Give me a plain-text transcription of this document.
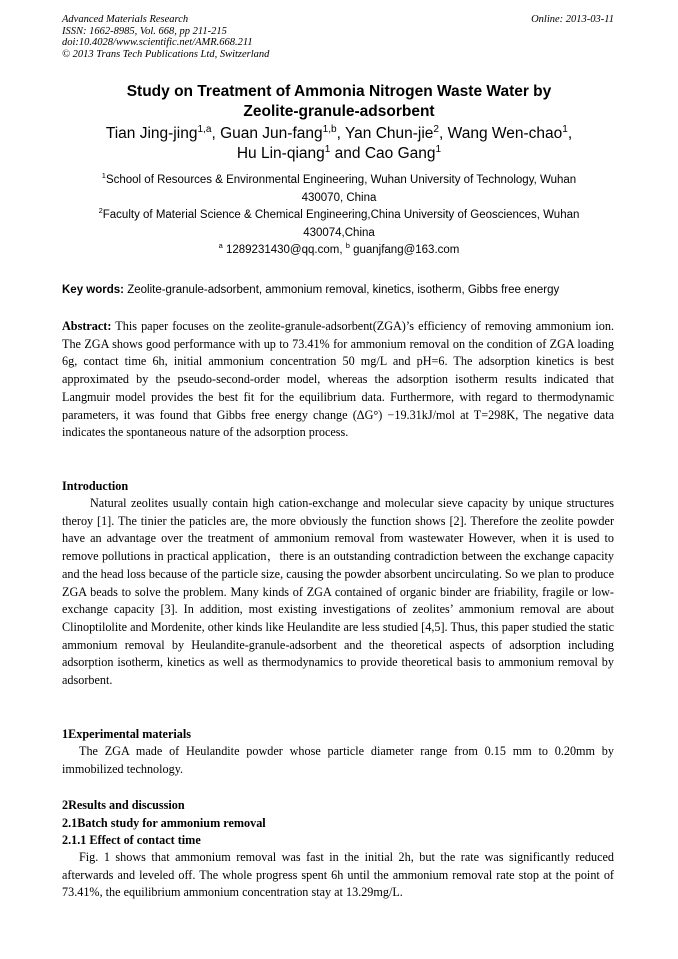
Advanced Materials Research
ISSN: 1662-8985, Vol. 668, pp 211-215
doi:10.4028/www.scientific.net/AMR.668.211
© 2013 Trans Tech Publications Ltd, Switzerland
Online: 2013-03-11
Study on Treatment of Ammonia Nitrogen Waste Water by
Zeolite-granule-adsorbent
Tian Jing-jing$^{1,a}$, Guan Jun-fang$^{1,b}$, Yan Chun-jie$^2$, Wang Wen-chao$^1$,
Hu Lin-qiang$^1$ and Cao Gang$^1$
$^1$School of Resources & Environmental Engineering, Wuhan University of Technology, Wuhan
430070, China
$^2$Faculty of Material Science & Chemical Engineering,China University of Geosciences, Wuhan
430074,China
$^a$ 1289231430@qq.com, $^b$ guanjfang@163.com
Key words: Zeolite-granule-adsorbent, ammonium removal, kinetics, isotherm, Gibbs free energy
Abstract: This paper focuses on the zeolite-granule-adsorbent(ZGA)’s efficiency of removing ammonium ion. The ZGA shows good performance with up to 73.41% for ammonium removal on the condition of ZGA loading 6g, contact time 6h, initial ammonium concentration 50 mg/L and pH=6. The adsorption kinetics is best approximated by the pseudo-second-order model, whereas the adsorption isotherm results indicated that Langmuir model provides the best fit for the equilibrium data. Furthermore, with regard to thermodynamic parameters, it was found that Gibbs free energy change (ΔG°) −19.31kJ/mol at T=298K, The negative data indicates the spontaneous nature of the adsorption process.
Introduction
Natural zeolites usually contain high cation-exchange and molecular sieve capacity by unique structures theroy [1]. The tinier the paticles are, the more obviously the function shows [2]. Therefore the zeolite powder have an advantage over the treatment of ammonium removal from wastewater However, when it is used to remove pollutions in practical application，there is an outstanding contradiction between the exchange capacity and the head loss because of the particle size, causing the powder absorbent uncirculating. So we plan to produce ZGA beads to solve the problem. Many kinds of ZGA contained of organic binder are friability, fragile or low-exchange capacity [3]. In addition, most existing investigations of zeolites’ ammonium removal are about Clinoptilolite and Mordenite, other kinds like Heulandite are less studied [4,5]. Thus, this paper studied the static ammonium removal by Heulandite-granule-adsorbent and the theoretical aspects of adsorption including adsorption isotherm, kinetics as well as thermodynamics to provide theoretical basis to ammonium removal by adsorbent.
1Experimental materials
The ZGA made of Heulandite powder whose particle diameter range from 0.15 mm to 0.20mm by immobilized technology.
2Results and discussion
2.1Batch study for ammonium removal
2.1.1 Effect of contact time
Fig. 1 shows that ammonium removal was fast in the initial 2h, but the rate was significantly reduced afterwards and leveled off. The whole progress spent 6h until the ammonium removal rate stop at the point of 73.41%, the equilibrium ammonium concentration stay at 13.29mg/L.
